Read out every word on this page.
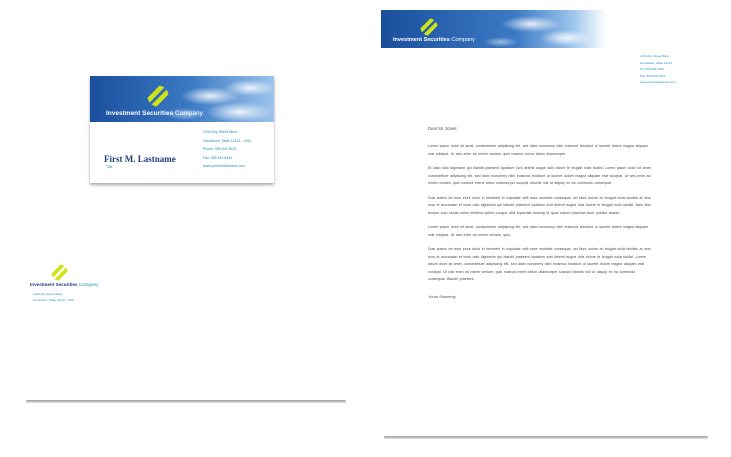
Investment Securities Company
1234 Any Street West
Hometown, State 12121 - USA
Phone: 555 543 5432
Fax: 555 543 5433
www.yourwebsitehere.com
First M. Lastname
Title
Investment Securities Company
1234 Any Street West
Hometown, State 12121 - USA
Investment Securities Company
1234 Any Street West
Hometown, State 12121
Tel: 555 543 5432
Fax: 555 543 5433
www.yourwebsitehere.com
Dear Mr. Jones:

Lorem ipsum dolor sit amet, consectetuer adipiscing elit, sed diam nonummy nibh euismod tincidunt ut laoreet dolore magna aliquam erat volutpat. Ut wisi enim ad minim veniam, quis nostrud exerci tation ullamcorper.

Et iusto odio dignissim qui blandit praesent luptatum zzril delenit augue duis dolore te feugait nulla facilisi. Lorem ipsum dolor sit amet, consectetuer adipiscing elit, sed diam nonummy nibh euismod tincidunt ut laoreet dolore magna aliquam erat volutpat. Ut wisi enim ad minim veniam, quis nostrud exerci tation ullamcorper suscipit lobortis nisl ut aliquip ex ea commodo consequat.

Duis autem vel eum iriure dolor in hendrerit in vulputate velit esse molestie consequat, vel illum dolore eu feugiat nulla facilisis at vero eros et accumsan et iusto odio dignissim qui blandit praesent luptatum zzril delenit augue duis dolore te feugait nulla facilisi. Nam liber tempor cum soluta nobis eleifend option congue nihil imperdiet doming id quod mazim placerat facer possim assum.

Lorem ipsum dolor sit amet, consectetuer adipiscing elit, sed diam nonummy nibh euismod tincidunt ut laoreet dolore magna aliquam erat volutpat. Ut wisi enim ad minim veniam, quis.

Duis autem vel eum iriure dolor in hendrerit in vulputate velit esse molestie consequat, vel illum dolore eu feugiat nulla facilisis at vero eros et accumsan et iusto odio dignissim qui blandit praesent luptatum zzril delenit augue duis dolore te feugait nulla facilisi. Lorem ipsum dolor sit amet, consectetuer adipiscing elit, sed diam nonummy nibh euismod tincidunt ut laoreet dolore magna aliquam erat volutpat. Ut wisi enim ad minim veniam, quis nostrud exerci tation ullamcorper suscipit lobortis nisl ut aliquip ex ea commodo consequat. Blandit praesent.

Yours Sincerely,
